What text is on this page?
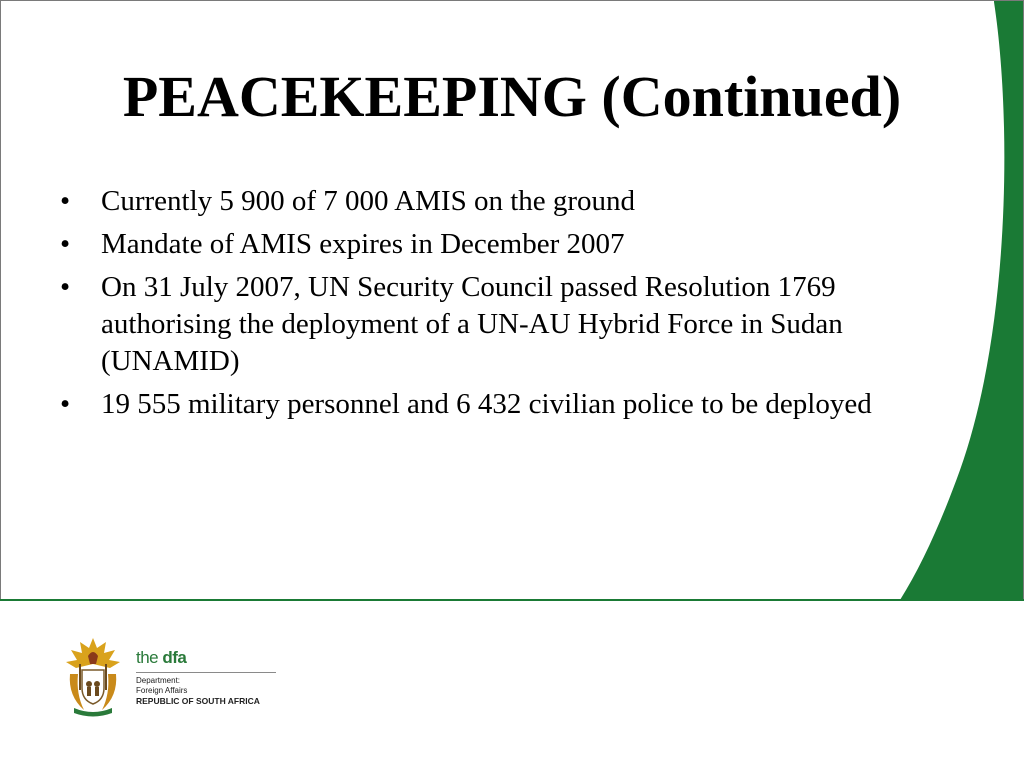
PEACEKEEPING (Continued)
• Currently 5 900 of 7 000 AMIS on the ground
• Mandate of AMIS expires in December 2007
• On 31 July 2007, UN Security Council passed Resolution 1769 authorising the deployment of a UN-AU Hybrid Force in Sudan (UNAMID)
• 19 555 military personnel and 6 432 civilian police to be deployed
the dfa
Department:
Foreign Affairs
REPUBLIC OF SOUTH AFRICA
